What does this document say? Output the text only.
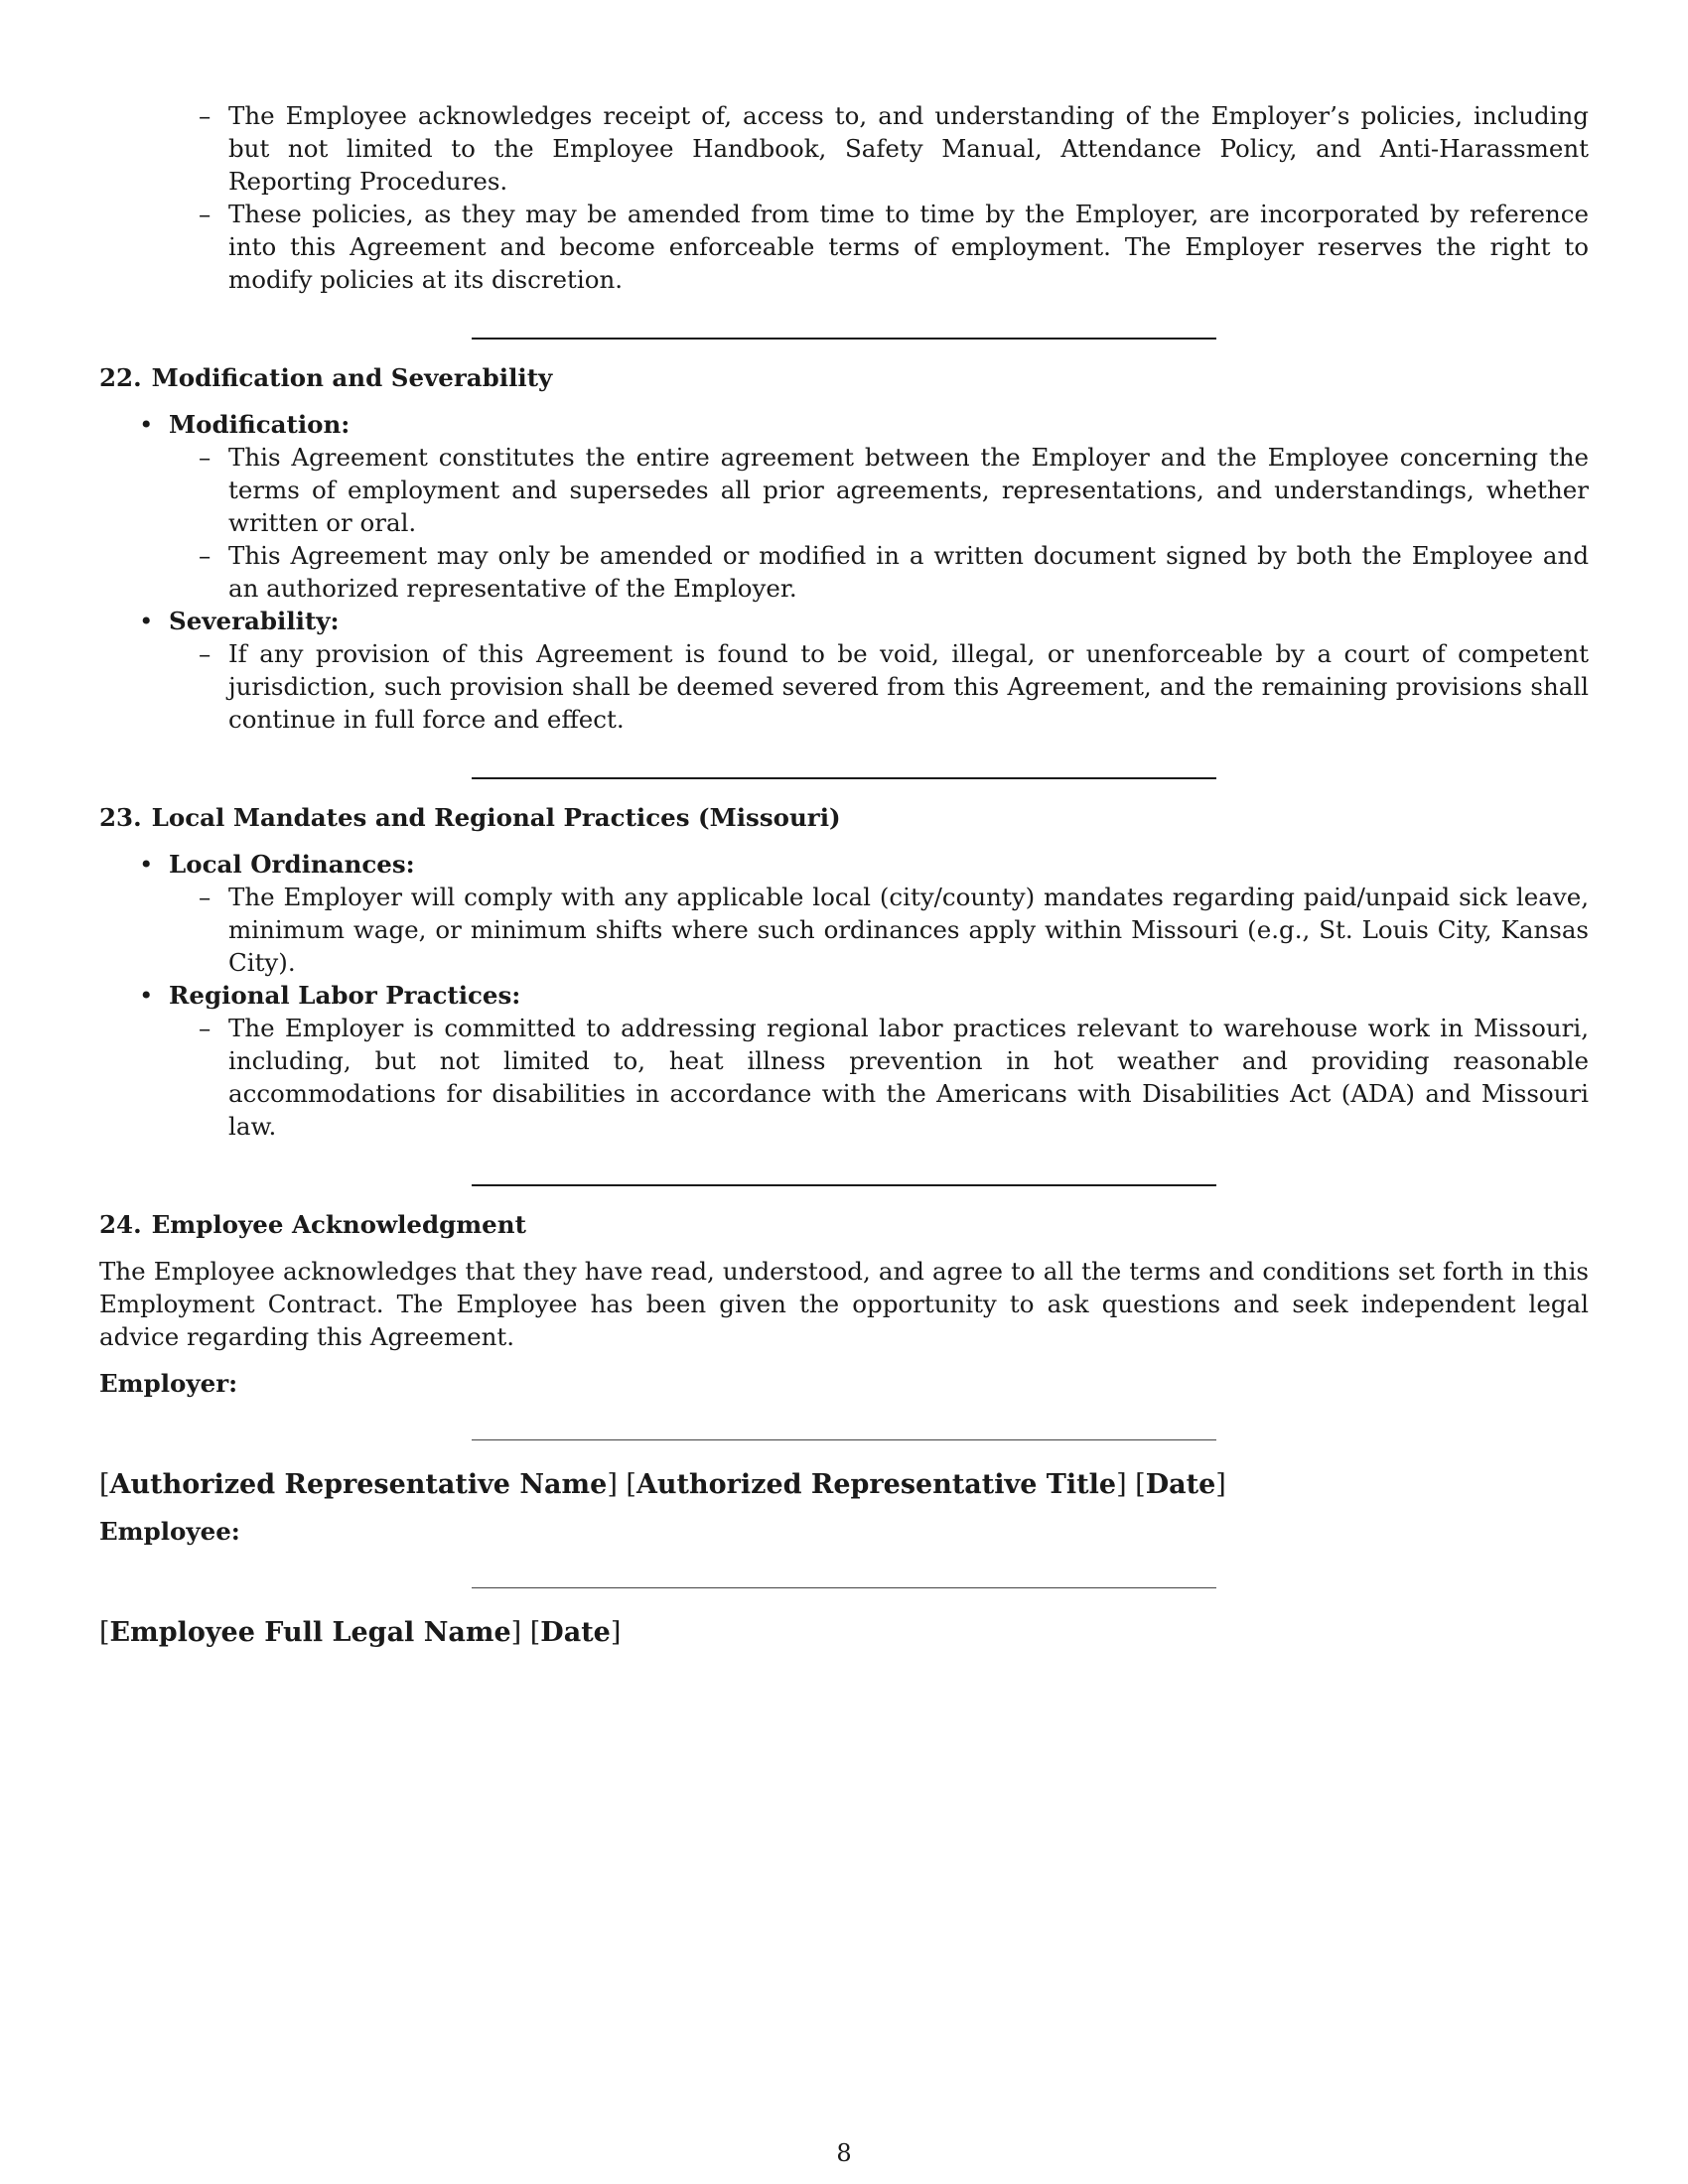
– The Employee acknowledges receipt of, access to, and understanding of the Employer’s policies, including but not limited to the Employee Handbook, Safety Manual, Attendance Policy, and Anti-Harassment Reporting Procedures.
– These policies, as they may be amended from time to time by the Employer, are incorporated by reference into this Agreement and become enforceable terms of employment. The Employer reserves the right to modify policies at its discretion.
22. Modification and Severability
• Modification:
– This Agreement constitutes the entire agreement between the Employer and the Employee concerning the terms of employment and supersedes all prior agreements, representations, and understandings, whether written or oral.
– This Agreement may only be amended or modified in a written document signed by both the Employee and an authorized representative of the Employer.
• Severability:
– If any provision of this Agreement is found to be void, illegal, or unenforceable by a court of competent jurisdiction, such provision shall be deemed severed from this Agreement, and the remaining provisions shall continue in full force and effect.
23. Local Mandates and Regional Practices (Missouri)
• Local Ordinances:
– The Employer will comply with any applicable local (city/county) mandates regarding paid/unpaid sick leave, minimum wage, or minimum shifts where such ordinances apply within Missouri (e.g., St. Louis City, Kansas City).
• Regional Labor Practices:
– The Employer is committed to addressing regional labor practices relevant to warehouse work in Missouri, including, but not limited to, heat illness prevention in hot weather and providing reasonable accommodations for disabilities in accordance with the Americans with Disabilities Act (ADA) and Missouri law.
24. Employee Acknowledgment

The Employee acknowledges that they have read, understood, and agree to all the terms and conditions set forth in this Employment Contract. The Employee has been given the opportunity to ask questions and seek independent legal advice regarding this Agreement.

Employer:
[Authorized Representative Name] [Authorized Representative Title] [Date]
Employee:
[Employee Full Legal Name] [Date]
8
